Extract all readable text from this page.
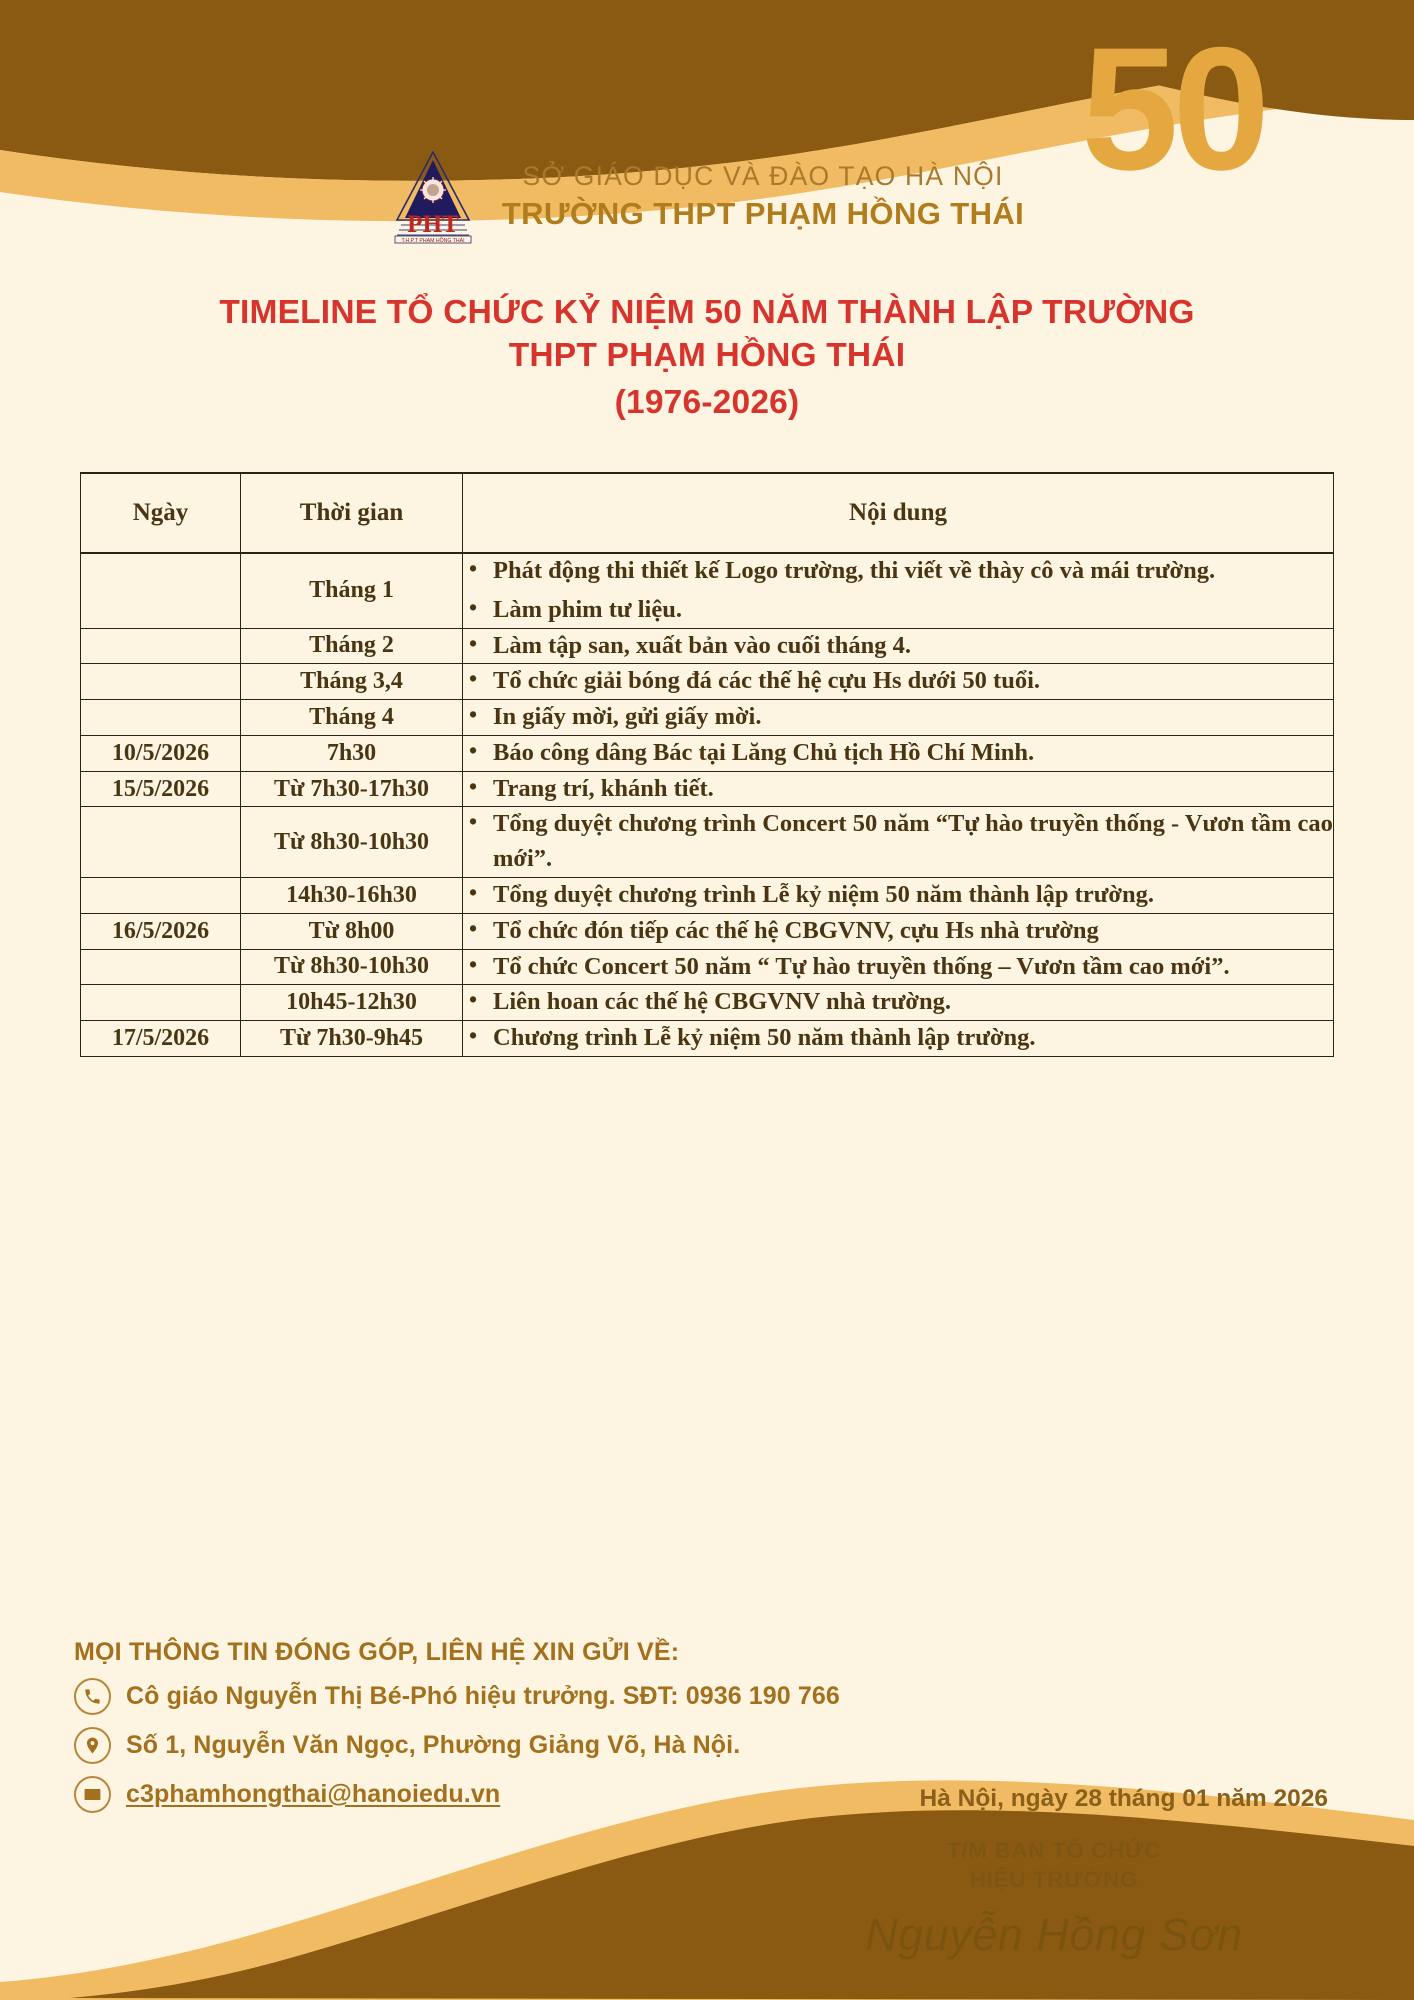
50
PHT
T.H.P.T PHẠM HỒNG THÁI
SỞ GIÁO DỤC VÀ ĐÀO TẠO HÀ NỘI
TRƯỜNG THPT PHẠM HỒNG THÁI
TIMELINE TỔ CHỨC KỶ NIỆM 50 NĂM THÀNH LẬP TRƯỜNG
THPT PHẠM HỒNG THÁI
(1976-2026)
Ngày	Thời gian	Nội dung
	Tháng 1	
• Phát động thi thiết kế Logo trường, thi viết về thày cô và mái trường.
• Làm phim tư liệu.

	Tháng 2	
•Làm tập san, xuất bản vào cuối tháng 4.

	Tháng 3,4	
•Tổ chức giải bóng đá các thế hệ cựu Hs dưới 50 tuổi.

	Tháng 4	
•In giấy mời, gửi giấy mời.

10/5/2026	7h30	
•Báo công dâng Bác tại Lăng Chủ tịch Hồ Chí Minh.

15/5/2026	Từ 7h30-17h30	
•Trang trí, khánh tiết.

	Từ 8h30-10h30	
• Tổng duyệt chương trình Concert 50 năm “Tự hào truyền thống - Vươn tầm cao mới”.

	14h30-16h30	
•Tổng duyệt chương trình Lễ kỷ niệm 50 năm thành lập trường.

16/5/2026	Từ 8h00	
•Tổ chức đón tiếp các thế hệ CBGVNV, cựu Hs nhà trường

	Từ 8h30-10h30	
•Tổ chức Concert 50 năm “ Tự hào truyền thống – Vươn tầm cao mới”.

	10h45-12h30	
•Liên hoan các thế hệ CBGVNV nhà trường.

17/5/2026	Từ 7h30-9h45	
•Chương trình Lễ kỷ niệm 50 năm thành lập trường.
MỌI THÔNG TIN ĐÓNG GÓP, LIÊN HỆ XIN GỬI VỀ:
Cô giáo Nguyễn Thị Bé-Phó hiệu trưởng. SĐT: 0936 190 766
Số 1, Nguyễn Văn Ngọc, Phường Giảng Võ, Hà Nội.
c3phamhongthai@hanoiedu.vn	Hà Nội, ngày 28 tháng 01 năm 2026
T/M BAN TỔ CHỨC
HIỆU TRƯỞNG
Nguyễn Hồng Sơn
